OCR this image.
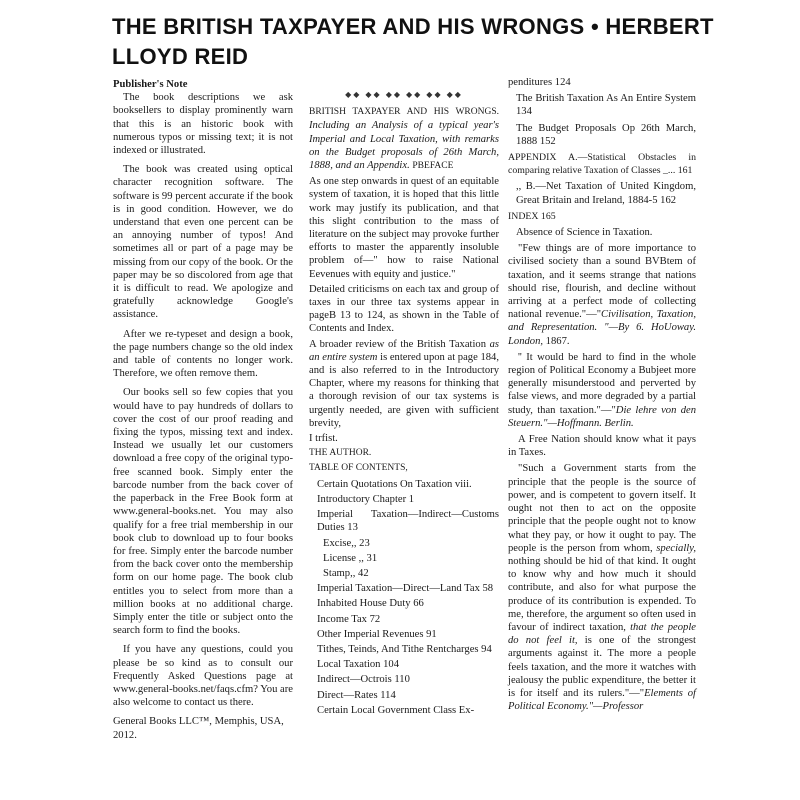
THE BRITISH TAXPAYER AND HIS WRONGS • HERBERT LLOYD REID

Publisher's Note

The book descriptions we ask booksellers to display prominently warn that this is an historic book with numerous typos or missing text; it is not indexed or illustrated.

The book was created using optical character recognition software. The software is 99 percent accurate if the book is in good condition. However, we do understand that even one percent can be an annoying number of typos! And sometimes all or part of a page may be missing from our copy of the book. Or the paper may be so discolored from age that it is difficult to read. We apologize and gratefully acknowledge Google's assistance.

After we re-typeset and design a book, the page numbers change so the old index and table of contents no longer work. Therefore, we often remove them.

Our books sell so few copies that you would have to pay hundreds of dollars to cover the cost of our proof reading and fixing the typos, missing text and index. Instead we usually let our customers download a free copy of the original typo-free scanned book. Simply enter the barcode number from the back cover of the paperback in the Free Book form at www.general-books.net. You may also qualify for a free trial membership in our book club to download up to four books for free. Simply enter the barcode number from the back cover onto the membership form on our home page. The book club entitles you to select from more than a million books at no additional charge. Simply enter the title or subject onto the search form to find the books.

If you have any questions, could you please be so kind as to consult our Frequently Asked Questions page at www.general-books.net/faqs.cfm? You are also welcome to contact us there.

General Books LLC™, Memphis, USA, 2012.

◆◆ ◆◆ ◆◆ ◆◆ ◆◆ ◆◆

BRITISH TAXPAYER AND HIS WRONGS. Including an Analysis of a typical year's Imperial and Local Taxation, with remarks on the Budget proposals of 26th March, 1888, and an Appendix. PBEFACE

As one step onwards in quest of an equitable system of taxation, it is hoped that this little work may justify its publication, and that this slight contribution to the mass of literature on the subject may provoke further efforts to master the apparently insoluble problem of—" how to raise National Eevenues with equity and justice."

Detailed criticisms on each tax and group of taxes in our three tax systems appear in pageB 13 to 124, as shown in the Table of Contents and Index.

A broader review of the British Taxation as an entire system is entered upon at page 184, and is also referred to in the Introductory Chapter, where my reasons for thinking that a thorough revision of our tax systems is urgently needed, are given with sufficient brevity,

I trfist.

THE AUTHOR.

TABLE OF CONTENTS,

Certain Quotations On Taxation viii.

Introductory Chapter 1

Imperial Taxation—Indirect—Customs Duties 13

Excise,, 23

License ,, 31

Stamp,, 42

Imperial Taxation—Direct—Land Tax 58

Inhabited House Duty 66

Income Tax 72

Other Imperial Revenues 91

Tithes, Teinds, And Tithe Rentcharges 94

Local Taxation 104

Indirect—Octrois 110

Direct—Rates 114

Certain Local Government Class Ex-

penditures 124

The British Taxation As An Entire System 134

The Budget Proposals Op 26th March, 1888 152

APPENDIX A.—Statistical Obstacles in comparing relative Taxation of Classes _... 161

,, B.—Net Taxation of United Kingdom, Great Britain and Ireland, 1884-5 162

INDEX 165

Absence of Science in Taxation.

"Few things are of more importance to civilised society than a sound BVBtem of taxation, and it seems strange that nations should rise, flourish, and decline without arriving at a perfect mode of collecting national revenue."—"Civilisation, Taxation, and Representation. "—By 6. HoUoway. London, 1867.

'' It would be hard to find in the whole region of Political Economy a Bubjeet more generally misunderstood and perverted by false views, and more degraded by a partial study, than taxation."—"Die lehre von den Steuern."—Hoffmann. Berlin.

A Free Nation should know what it pays in Taxes.

"Such a Government starts from the principle that the people is the source of power, and is competent to govern itself. It ought not then to act on the opposite principle that the people ought not to know what they pay, or how it ought to pay. The people is the person from whom, specially, nothing should be hid of that kind. It ought to know why and how much it should contribute, and also for what purpose the produce of its contribution is expended. To me, therefore, the argument so often used in favour of indirect taxation, that the people do not feel it, is one of the strongest arguments against it. The more a people feels taxation, and the more it watches with jealousy the public expenditure, the better it is for itself and its rulers."—"Elements of Political Economy."—Professor
